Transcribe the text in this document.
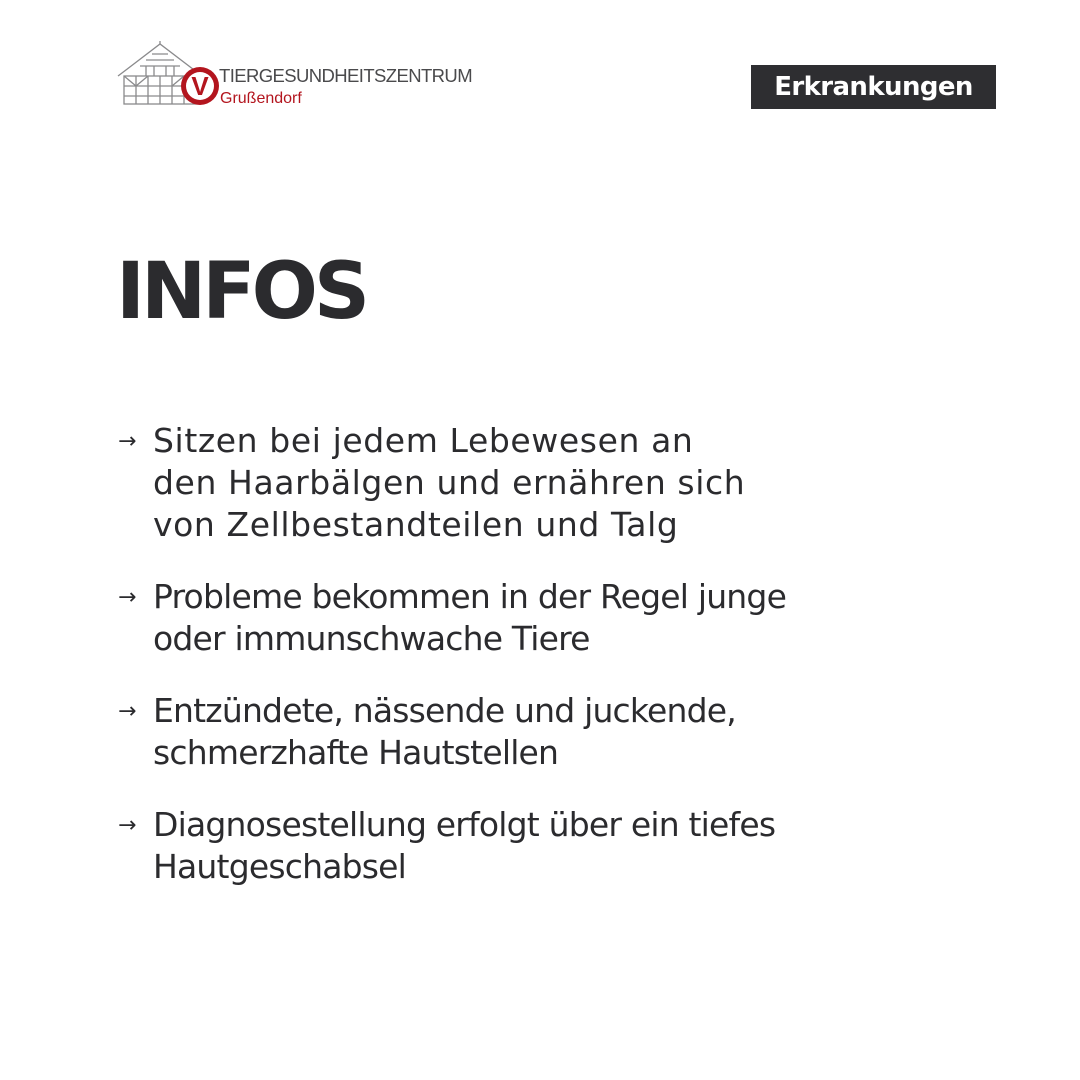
V TIERGESUNDHEITSZENTRUM
Grußendorf	Erkrankungen
INFOS
→ Sitzen bei jedem Lebewesen an
den Haarbälgen und ernähren sich
von Zellbestandteilen und Talg
→ Probleme bekommen in der Regel junge
oder immunschwache Tiere
→ Entzündete, nässende und juckende,
schmerzhafte Hautstellen
→ Diagnosestellung erfolgt über ein tiefes
Hautgeschabsel
